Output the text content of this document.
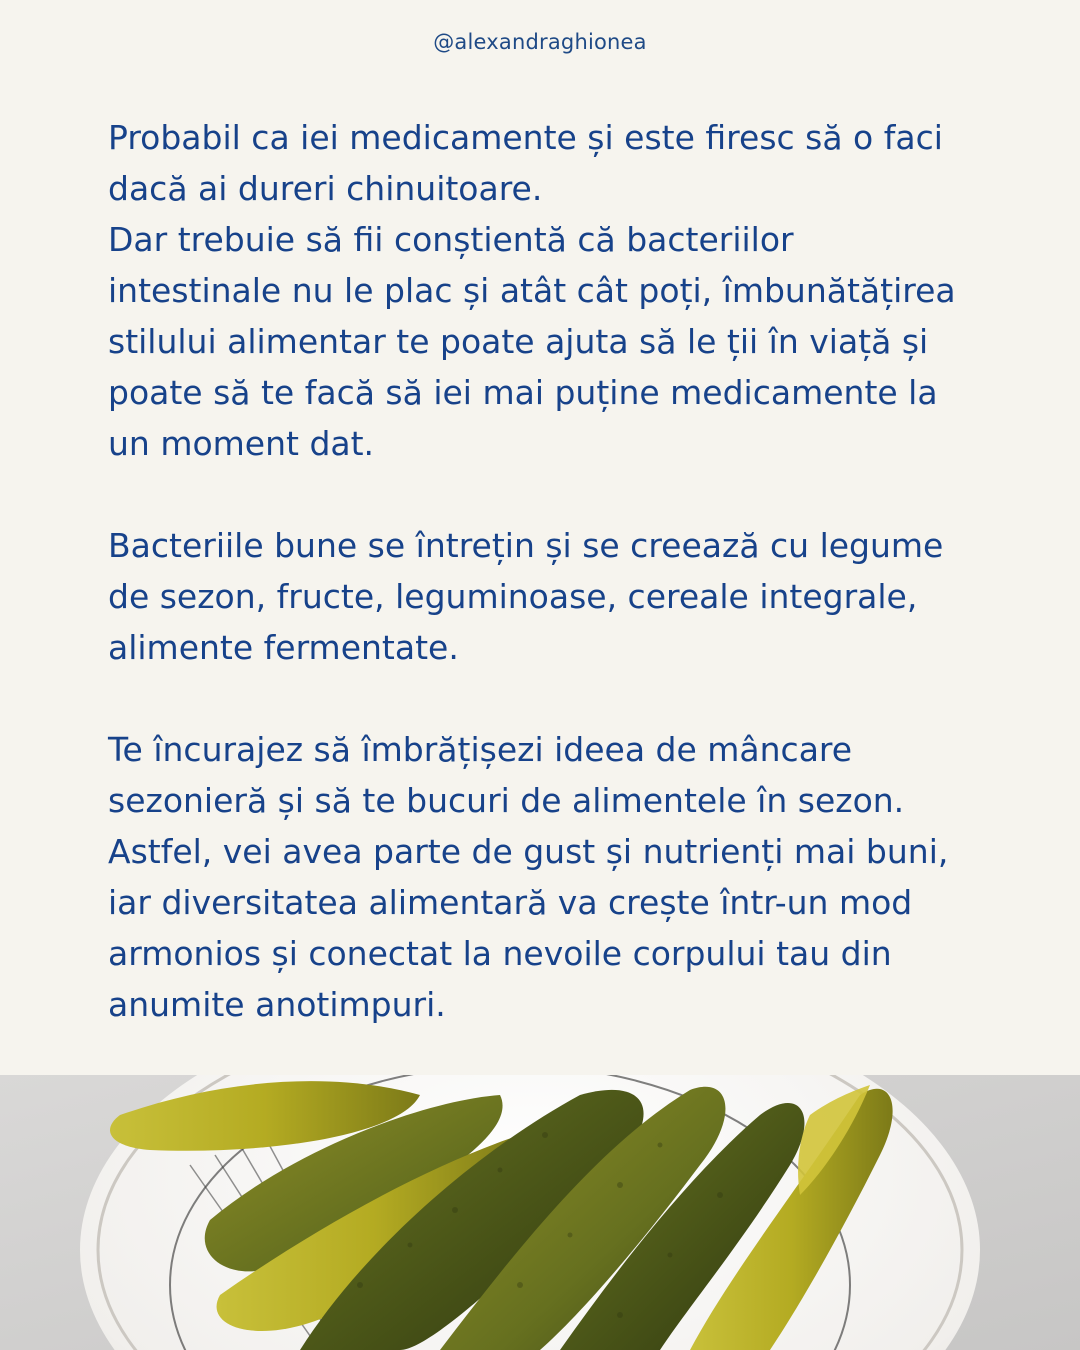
@alexandraghionea
Probabil ca iei medicamente și este firesc să o faci
dacă ai dureri chinuitoare.
Dar trebuie să fii conștientă că bacteriilor
intestinale nu le plac și atât cât poți, îmbunătățirea
stilului alimentar te poate ajuta să le ții în viață și
poate să te facă să iei mai puține medicamente la
un moment dat.
Bacteriile bune se întrețin și se creează cu legume
de sezon, fructe, leguminoase, cereale integrale,
alimente fermentate.
Te încurajez să îmbrățișezi ideea de mâncare
sezonieră și să te bucuri de alimentele în sezon.
Astfel, vei avea parte de gust și nutrienți mai buni,
iar diversitatea alimentară va crește într-un mod
armonios și conectat la nevoile corpului tau din
anumite anotimpuri.
